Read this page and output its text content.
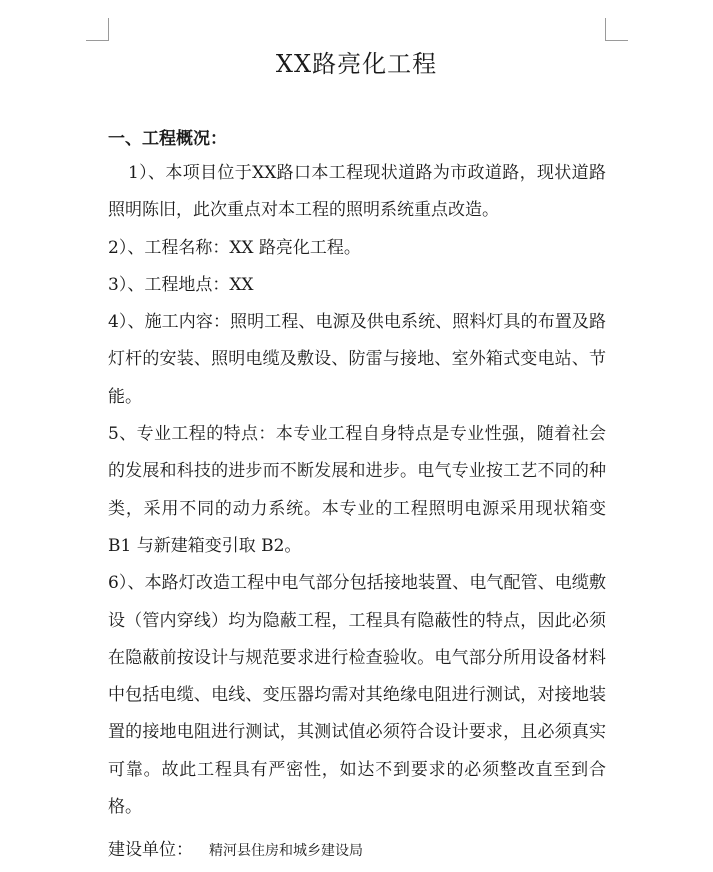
XX路亮化工程
一、工程概况：

1）、本项目位于XX路口本工程现状道路为市政道路，现状道路照明陈旧，此次重点对本工程的照明系统重点改造。

2）、工程名称：XX 路亮化工程。

3）、工程地点：XX

4）、施工内容：照明工程、电源及供电系统、照料灯具的布置及路灯杆的安装、照明电缆及敷设、防雷与接地、室外箱式变电站、节能。

5、专业工程的特点：本专业工程自身特点是专业性强，随着社会的发展和科技的进步而不断发展和进步。电气专业按工艺不同的种类，采用不同的动力系统。本专业的工程照明电源采用现状箱变 B1 与新建箱变引取 B2。

6）、本路灯改造工程中电气部分包括接地装置、电气配管、电缆敷设（管内穿线）均为隐蔽工程，工程具有隐蔽性的特点，因此必须在隐蔽前按设计与规范要求进行检查验收。电气部分所用设备材料中包括电缆、电线、变压器均需对其绝缘电阻进行测试，对接地装置的接地电阻进行测试，其测试值必须符合设计要求，且必须真实可靠。故此工程具有严密性，如达不到要求的必须整改直至到合格。

建设单位： 精河县住房和城乡建设局
